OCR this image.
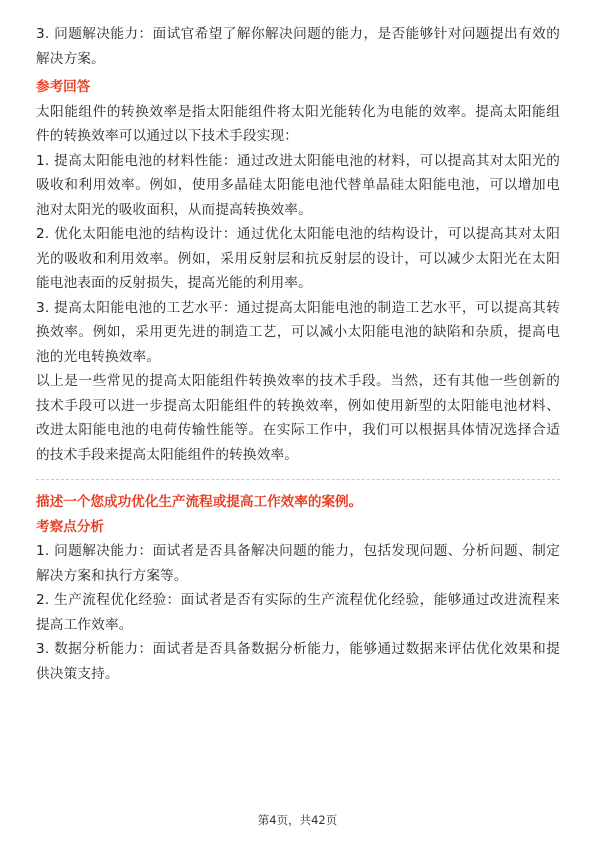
3. 问题解决能力：面试官希望了解你解决问题的能力，是否能够针对问题提出有效的解决方案。

参考回答

太阳能组件的转换效率是指太阳能组件将太阳光能转化为电能的效率。提高太阳能组件的转换效率可以通过以下技术手段实现：

1. 提高太阳能电池的材料性能：通过改进太阳能电池的材料，可以提高其对太阳光的吸收和利用效率。例如，使用多晶硅太阳能电池代替单晶硅太阳能电池，可以增加电池对太阳光的吸收面积，从而提高转换效率。

2. 优化太阳能电池的结构设计：通过优化太阳能电池的结构设计，可以提高其对太阳光的吸收和利用效率。例如，采用反射层和抗反射层的设计，可以减少太阳光在太阳能电池表面的反射损失，提高光能的利用率。

3. 提高太阳能电池的工艺水平：通过提高太阳能电池的制造工艺水平，可以提高其转换效率。例如，采用更先进的制造工艺，可以减小太阳能电池的缺陷和杂质，提高电池的光电转换效率。

以上是一些常见的提高太阳能组件转换效率的技术手段。当然，还有其他一些创新的技术手段可以进一步提高太阳能组件的转换效率，例如使用新型的太阳能电池材料、改进太阳能电池的电荷传输性能等。在实际工作中，我们可以根据具体情况选择合适的技术手段来提高太阳能组件的转换效率。

描述一个您成功优化生产流程或提高工作效率的案例。

考察点分析

1. 问题解决能力：面试者是否具备解决问题的能力，包括发现问题、分析问题、制定解决方案和执行方案等。

2. 生产流程优化经验：面试者是否有实际的生产流程优化经验，能够通过改进流程来提高工作效率。

3. 数据分析能力：面试者是否具备数据分析能力，能够通过数据来评估优化效果和提供决策支持。

第4页，共42页
